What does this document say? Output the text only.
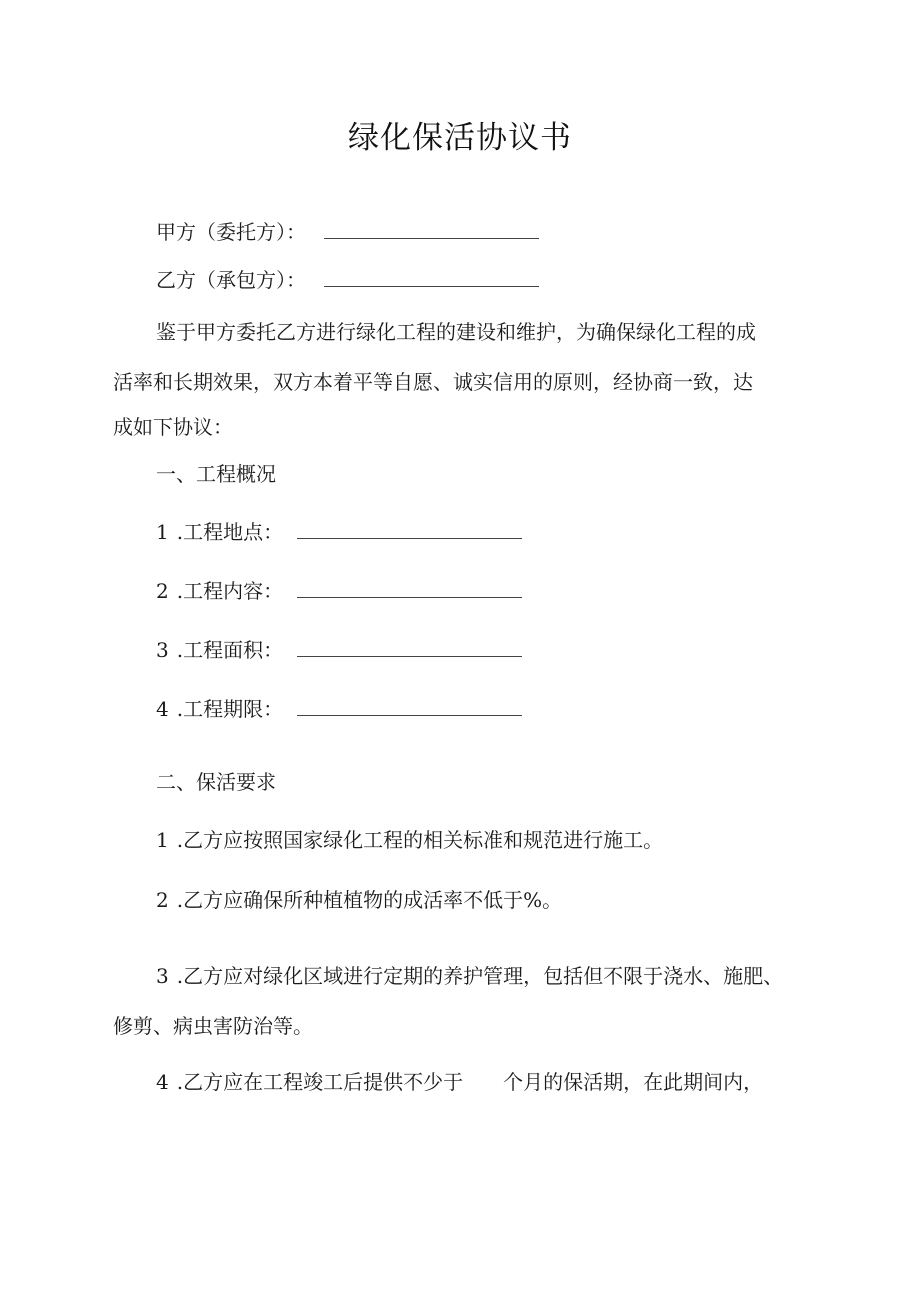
绿化保活协议书
甲方（委托方）：
乙方（承包方）：
鉴于甲方委托乙方进行绿化工程的建设和维护，为确保绿化工程的成
活率和长期效果，双方本着平等自愿、诚实信用的原则，经协商一致，达
成如下协议：
一、工程概况
1 .工程地点：
2 .工程内容：
3 .工程面积：
4 .工程期限：
二、保活要求
1 .乙方应按照国家绿化工程的相关标准和规范进行施工。
2 .乙方应确保所种植植物的成活率不低于%。
3 .乙方应对绿化区域进行定期的养护管理，包括但不限于浇水、施肥、
修剪、病虫害防治等。
4 .乙方应在工程竣工后提供不少于 个月的保活期，在此期间内，
